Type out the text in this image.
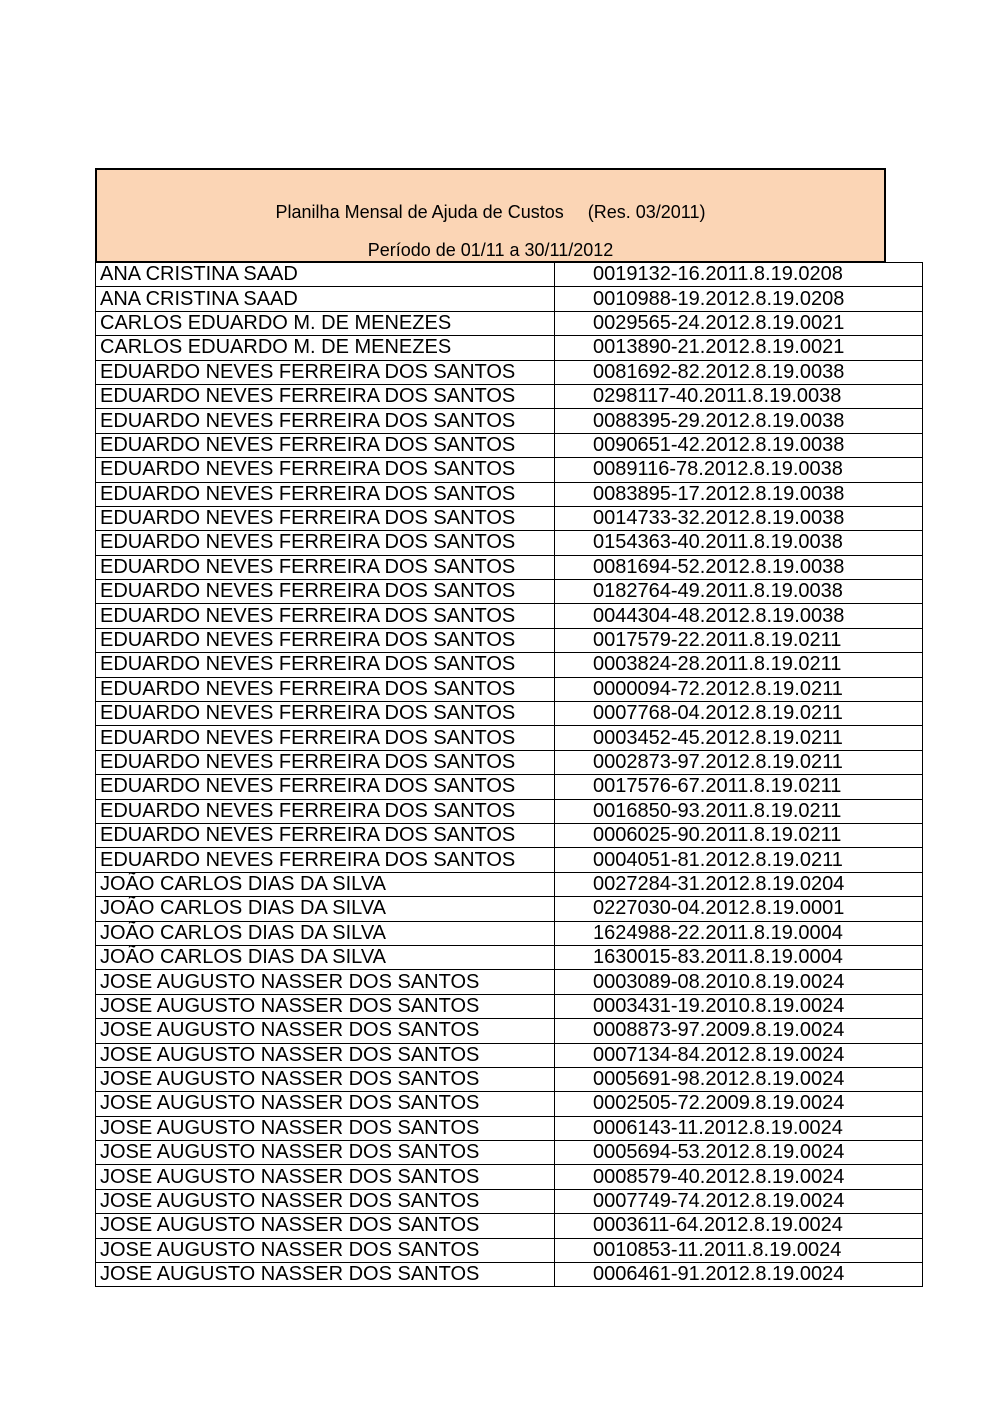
Planilha Mensal de Ajuda de Custos (Res. 03/2011)
Período de 01/11 a 30/11/2012
ANA CRISTINA SAAD	0019132-16.2011.8.19.0208
ANA CRISTINA SAAD	0010988-19.2012.8.19.0208
CARLOS EDUARDO M. DE MENEZES	0029565-24.2012.8.19.0021
CARLOS EDUARDO M. DE MENEZES	0013890-21.2012.8.19.0021
EDUARDO NEVES FERREIRA DOS SANTOS	0081692-82.2012.8.19.0038
EDUARDO NEVES FERREIRA DOS SANTOS	0298117-40.2011.8.19.0038
EDUARDO NEVES FERREIRA DOS SANTOS	0088395-29.2012.8.19.0038
EDUARDO NEVES FERREIRA DOS SANTOS	0090651-42.2012.8.19.0038
EDUARDO NEVES FERREIRA DOS SANTOS	0089116-78.2012.8.19.0038
EDUARDO NEVES FERREIRA DOS SANTOS	0083895-17.2012.8.19.0038
EDUARDO NEVES FERREIRA DOS SANTOS	0014733-32.2012.8.19.0038
EDUARDO NEVES FERREIRA DOS SANTOS	0154363-40.2011.8.19.0038
EDUARDO NEVES FERREIRA DOS SANTOS	0081694-52.2012.8.19.0038
EDUARDO NEVES FERREIRA DOS SANTOS	0182764-49.2011.8.19.0038
EDUARDO NEVES FERREIRA DOS SANTOS	0044304-48.2012.8.19.0038
EDUARDO NEVES FERREIRA DOS SANTOS	0017579-22.2011.8.19.0211
EDUARDO NEVES FERREIRA DOS SANTOS	0003824-28.2011.8.19.0211
EDUARDO NEVES FERREIRA DOS SANTOS	0000094-72.2012.8.19.0211
EDUARDO NEVES FERREIRA DOS SANTOS	0007768-04.2012.8.19.0211
EDUARDO NEVES FERREIRA DOS SANTOS	0003452-45.2012.8.19.0211
EDUARDO NEVES FERREIRA DOS SANTOS	0002873-97.2012.8.19.0211
EDUARDO NEVES FERREIRA DOS SANTOS	0017576-67.2011.8.19.0211
EDUARDO NEVES FERREIRA DOS SANTOS	0016850-93.2011.8.19.0211
EDUARDO NEVES FERREIRA DOS SANTOS	0006025-90.2011.8.19.0211
EDUARDO NEVES FERREIRA DOS SANTOS	0004051-81.2012.8.19.0211
JOÃO CARLOS DIAS DA SILVA	0027284-31.2012.8.19.0204
JOÃO CARLOS DIAS DA SILVA	0227030-04.2012.8.19.0001
JOÃO CARLOS DIAS DA SILVA	1624988-22.2011.8.19.0004
JOÃO CARLOS DIAS DA SILVA	1630015-83.2011.8.19.0004
JOSE AUGUSTO NASSER DOS SANTOS	0003089-08.2010.8.19.0024
JOSE AUGUSTO NASSER DOS SANTOS	0003431-19.2010.8.19.0024
JOSE AUGUSTO NASSER DOS SANTOS	0008873-97.2009.8.19.0024
JOSE AUGUSTO NASSER DOS SANTOS	0007134-84.2012.8.19.0024
JOSE AUGUSTO NASSER DOS SANTOS	0005691-98.2012.8.19.0024
JOSE AUGUSTO NASSER DOS SANTOS	0002505-72.2009.8.19.0024
JOSE AUGUSTO NASSER DOS SANTOS	0006143-11.2012.8.19.0024
JOSE AUGUSTO NASSER DOS SANTOS	0005694-53.2012.8.19.0024
JOSE AUGUSTO NASSER DOS SANTOS	0008579-40.2012.8.19.0024
JOSE AUGUSTO NASSER DOS SANTOS	0007749-74.2012.8.19.0024
JOSE AUGUSTO NASSER DOS SANTOS	0003611-64.2012.8.19.0024
JOSE AUGUSTO NASSER DOS SANTOS	0010853-11.2011.8.19.0024
JOSE AUGUSTO NASSER DOS SANTOS	0006461-91.2012.8.19.0024
